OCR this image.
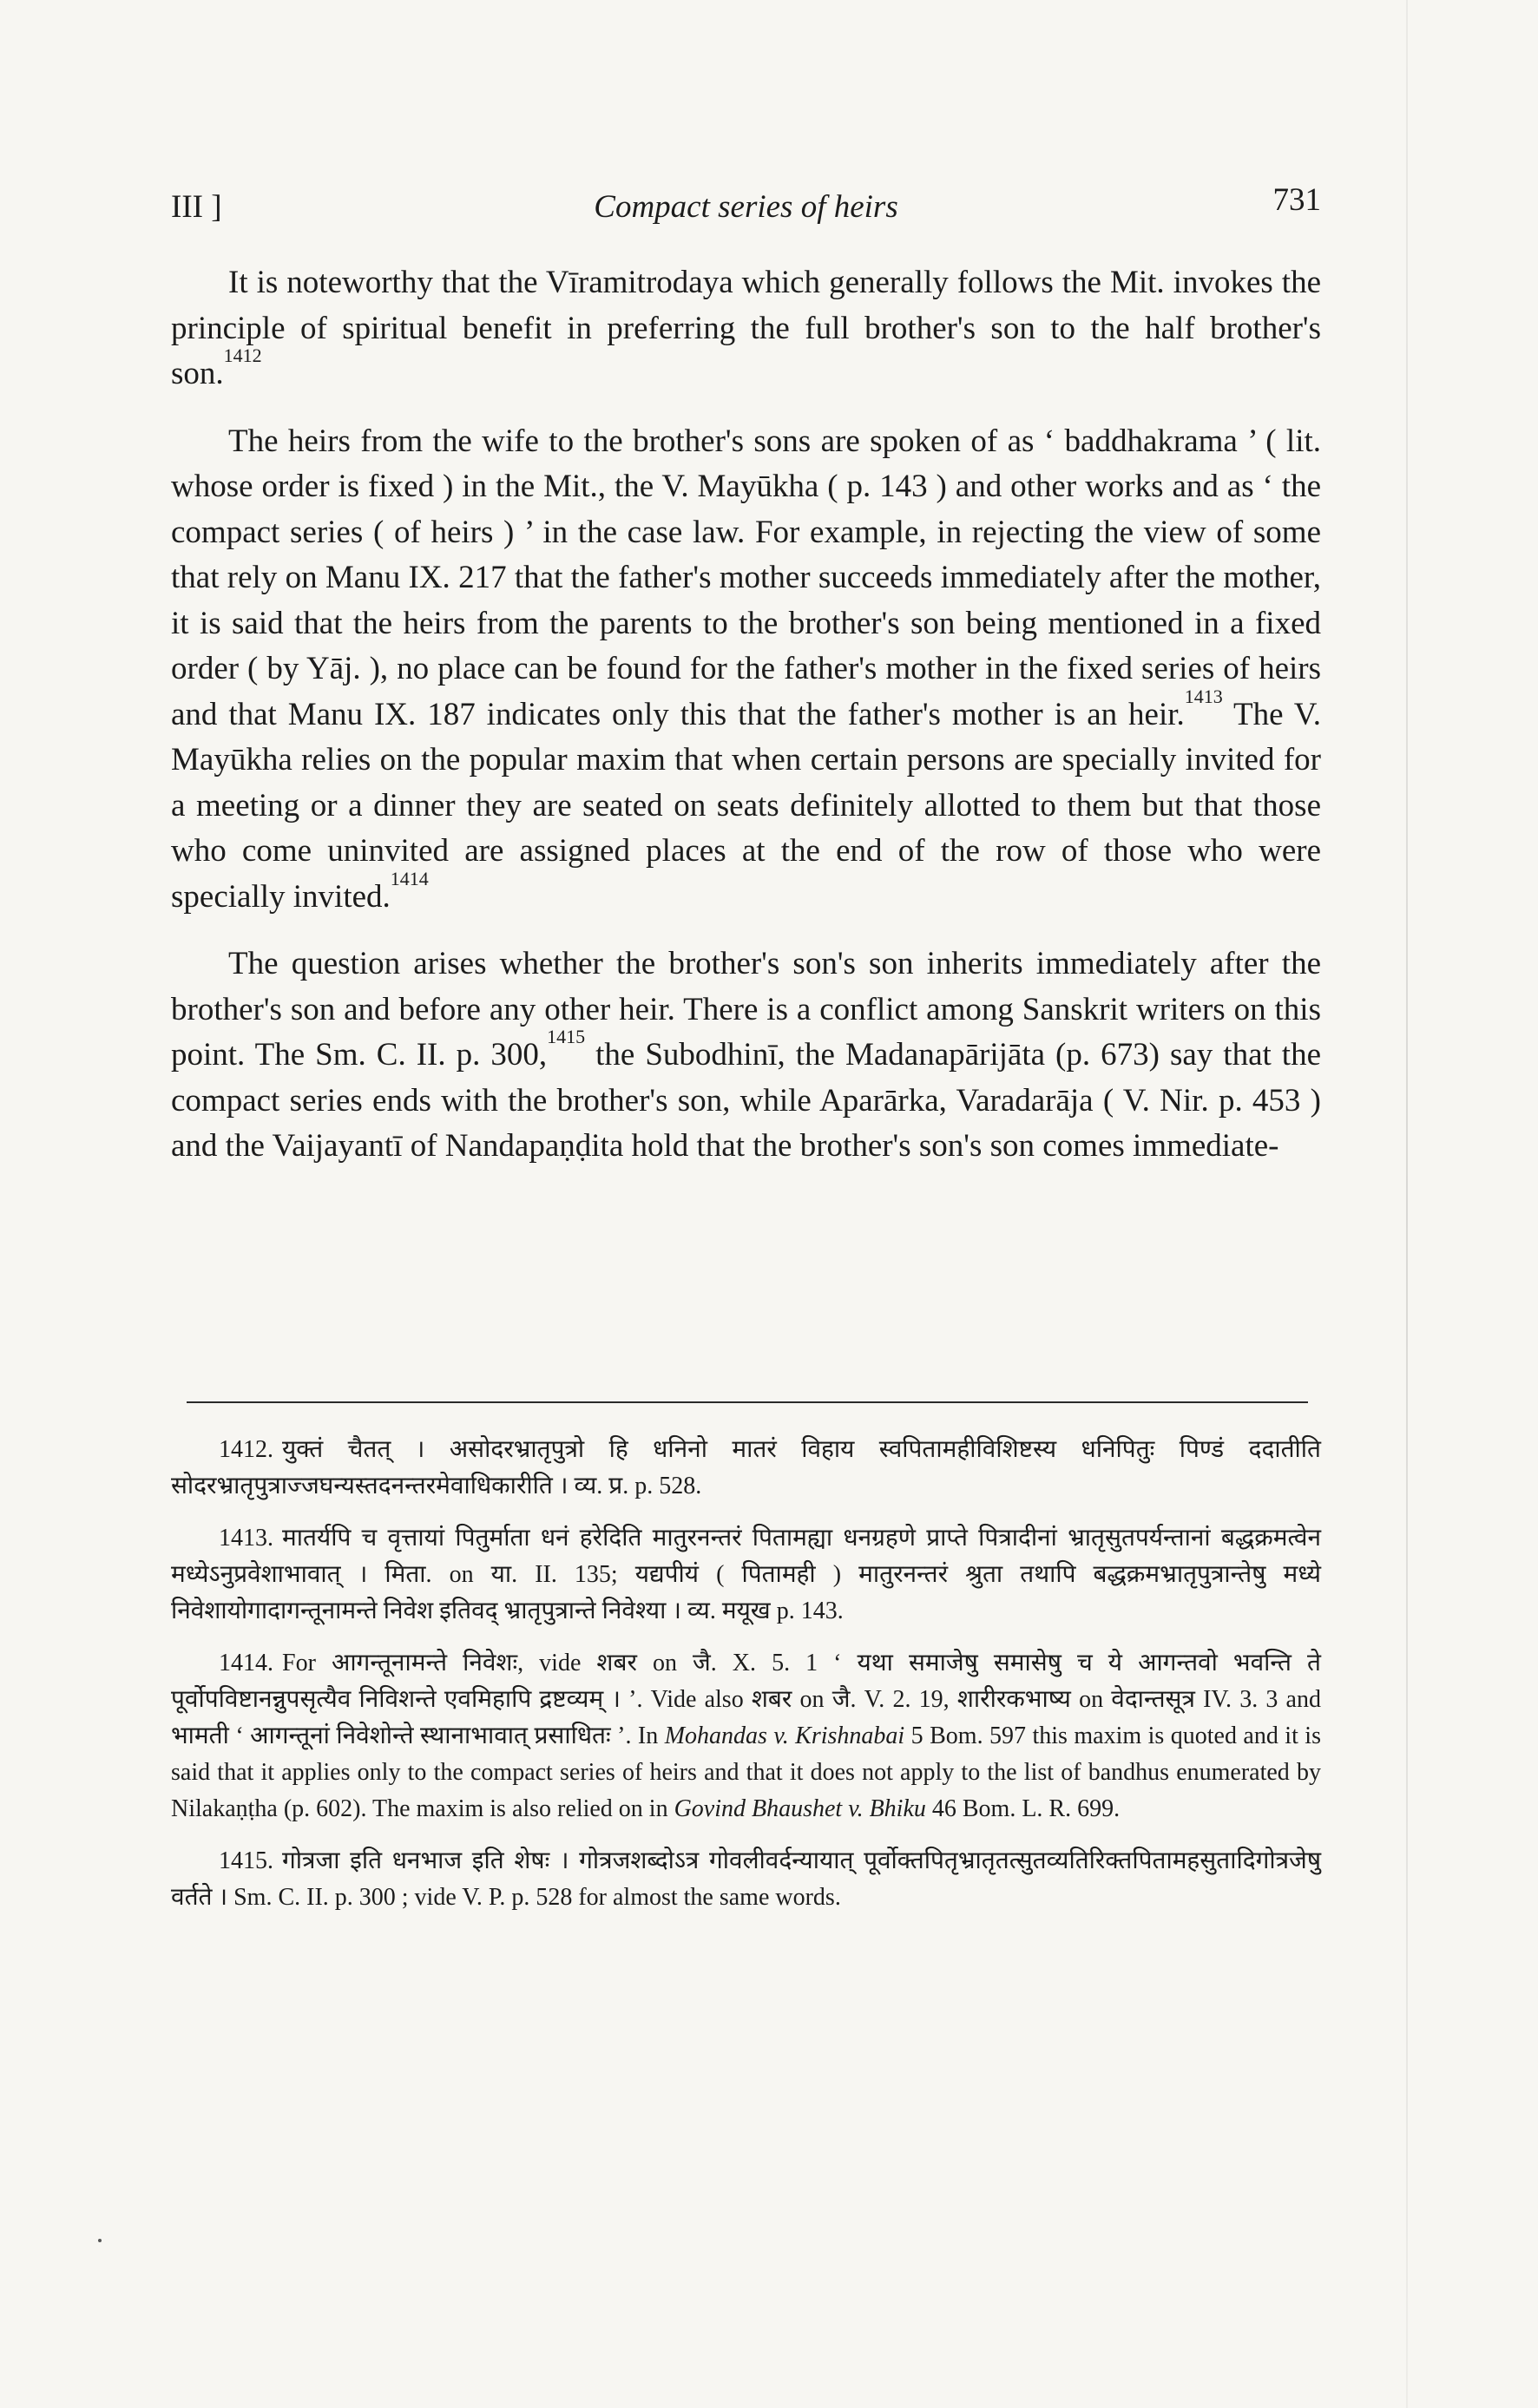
III ]	Compact series of heirs	731

It is noteworthy that the Vīramitrodaya which generally follows the Mit. invokes the principle of spiritual benefit in preferring the full brother's son to the half brother's son.$^{1412}$

The heirs from the wife to the brother's sons are spoken of as ‘ baddhakrama ’ ( lit. whose order is fixed ) in the Mit., the V. Mayūkha ( p. 143 ) and other works and as ‘ the compact series ( of heirs ) ’ in the case law. For example, in rejecting the view of some that rely on Manu IX. 217 that the father's mother succeeds immediately after the mother, it is said that the heirs from the parents to the brother's son being mentioned in a fixed order ( by Yāj. ), no place can be found for the father's mother in the fixed series of heirs and that Manu IX. 187 indicates only this that the father's mother is an heir.$^{1413}$ The V. Mayūkha relies on the popular maxim that when certain persons are specially invited for a meeting or a dinner they are seated on seats definitely allotted to them but that those who come uninvited are assigned places at the end of the row of those who were specially invited.$^{1414}$

The question arises whether the brother's son's son inherits immediately after the brother's son and before any other heir. There is a conflict among Sanskrit writers on this point. The Sm. C. II. p. 300,$^{1415}$ the Subodhinī, the Madanapārijāta (p. 673) say that the compact series ends with the brother's son, while Aparārka, Varadarāja ( V. Nir. p. 453 ) and the Vaijayantī of Nandapaṇḍita hold that the brother's son's son comes immediate-

1412. युक्तं चैतत् । असोदरभ्रातृपुत्रो हि धनिनो मातरं विहाय स्वपितामहीविशिष्टस्य धनिपितुः पिण्डं ददातीति सोदरभ्रातृपुत्राज्जघन्यस्तदनन्तरमेवाधिकारीति । व्य. प्र. p. 528.

1413. मातर्यपि च वृत्तायां पितुर्माता धनं हरेदिति मातुरनन्तरं पितामह्या धनग्रहणे प्राप्ते पित्रादीनां भ्रातृसुतपर्यन्तानां बद्धक्रमत्वेन मध्येऽनुप्रवेशाभावात् । मिता. on या. II. 135; यद्यपीयं ( पितामही ) मातुरनन्तरं श्रुता तथापि बद्धक्रमभ्रातृपुत्रान्तेषु मध्ये निवेशायोगादागन्तूनामन्ते निवेश इतिवद् भ्रातृपुत्रान्ते निवेश्या । व्य. मयूख p. 143.

1414. For आगन्तूनामन्ते निवेशः, vide शबर on जै. X. 5. 1 ‘ यथा समाजेषु समासेषु च ये आगन्तवो भवन्ति ते पूर्वोपविष्टानन्नुपसृत्यैव निविशन्ते एवमिहापि द्रष्टव्यम् । ’. Vide also शबर on जै. V. 2. 19, शारीरकभाष्य on वेदान्तसूत्र IV. 3. 3 and भामती ‘ आगन्तूनां निवेशोन्ते स्थानाभावात् प्रसाधितः ’. In Mohandas v. Krishnabai 5 Bom. 597 this maxim is quoted and it is said that it applies only to the compact series of heirs and that it does not apply to the list of bandhus enumerated by Nilakaṇṭha (p. 602). The maxim is also relied on in Govind Bhaushet v. Bhiku 46 Bom. L. R. 699.

1415. गोत्रजा इति धनभाज इति शेषः । गोत्रजशब्दोऽत्र गोवलीवर्दन्यायात् पूर्वोक्तपितृभ्रातृतत्सुतव्यतिरिक्तपितामहसुतादिगोत्रजेषु वर्तते । Sm. C. II. p. 300 ; vide V. P. p. 528 for almost the same words.
